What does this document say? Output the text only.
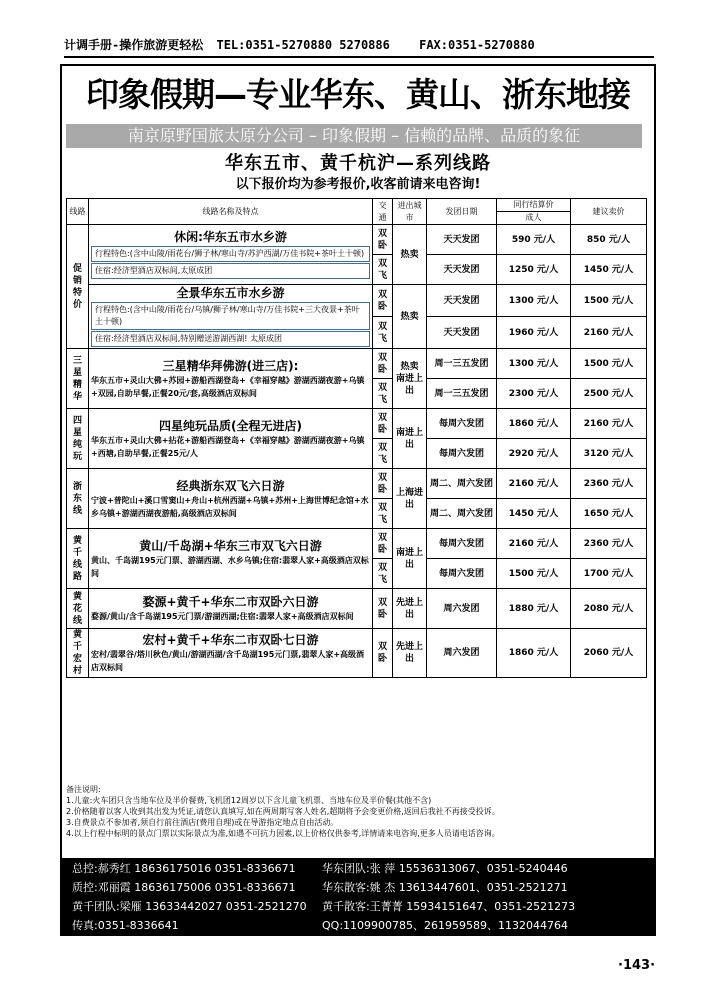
计调手册-操作旅游更轻松 TEL:0351-5270880 5270886 FAX:0351-5270880
印象假期—专业华东、黄山、浙东地接
南京原野国旅太原分公司 – 印象假期 – 信赖的品牌、品质的象征
华东五市、黄千杭沪—系列线路
以下报价均为参考报价,收客前请来电咨询!
线路	线路名称及特点	交通	进出城市	发团日期	同行结算价	建议卖价
					成人	
促销特价	休闲:华东五市水乡游
行程特色:(含中山陵/雨花台/狮子林/寒山寺/苏沪西湖/万佳书院+茶叶土十顿)
住宿:经济型酒店双标间,太原成团	双卧	热卖	天天发团	590 元/人	850 元/人
		双飞		天天发团	1250 元/人	1450 元/人

	全景华东五市水乡游
行程特色:(含中山陵/雨花台/乌镇/狮子林/寒山寺/万佳书院+三大夜景+茶叶土十顿)
住宿:经济型酒店双标间,特别赠送游湖西湖! 太原成团	双卧	热卖	天天发团	1300 元/人	1500 元/人
		双飞		天天发团	1960 元/人	2160 元/人
三星精华	三星精华拜佛游(进三店):
华东五市+灵山大佛+苏园+游船西湖登岛+《幸福穿越》游湖西湖夜游+乌镇+双园,自助早餐,正餐20元/套,高级酒店双标间	双卧	热卖 南进上出	周一三五发团	1300 元/人	1500 元/人
		双飞		周一三五发团	2300 元/人	2500 元/人
四星纯玩	四星纯玩品质(全程无进店)
华东五市+灵山大佛+拈花+游船西湖登岛+《幸福穿越》游湖西湖夜游+乌镇+西塘,自助早餐,正餐25元/人	双卧	南进上出	每周六发团	1860 元/人	2160 元/人
		双飞		每周六发团	2920 元/人	3120 元/人
浙东线	经典浙东双飞六日游
宁波+普陀山+溪口雪窦山+舟山+杭州西湖+乌镇+苏州+上海世博纪念馆+水乡乌镇+游湖西湖夜游船,高级酒店双标间	双卧	上海进出	周二、周六发团	2160 元/人	2360 元/人
		双飞		周二、周六发团	1450 元/人	1650 元/人
黄千线路	黄山/千岛湖+华东三市双飞六日游
黄山、千岛湖195元门票、游湖西湖、水乡乌镇;住宿:翡翠人家+高级酒店双标间	双卧	南进上出	每周六发团	2160 元/人	2360 元/人
		双飞		每周六发团	1500 元/人	1700 元/人
黄花线	婺源+黄千+华东二市双卧六日游
婺源/黄山/含千岛湖195元门票/游湖西湖;住宿:翡翠人家+高级酒店双标间	双卧	先进上出	周六发团	1880 元/人	2080 元/人
黄千宏村	宏村+黄千+华东二市双卧七日游
宏村/翡翠谷/塔川秋色/黄山/游湖西湖/含千岛湖195元门票,翡翠人家+高级酒店双标间	双卧	先进上出	周六发团	1860 元/人	2060 元/人
备注说明:
1.儿童:火车团只含当地车位及半价餐费,飞机团12周岁以下含儿童飞机票、当地车位及半价餐(其他不含)
2.价格随着以客人收到其出发为凭证,请您认真填写,如在两周期写客人姓名,超期将予会变更价格,返回后我社不再接受投诉。
3.自费景点不参加者,须自行前往酒店(费用自理)或在导游指定地点自由活动。
4.以上行程中标明的景点门票以实际景点为准,如遇不可抗力因素,以上价格仅供参考,详情请来电咨询,更多人员请电话咨询。
总控:郝秀红 18636175016 0351-8336671 华东团队:张 萍 15536313067、0351-5240446
质控:邓丽霞 18636175006 0351-8336671 华东散客:姚 杰 13613447601、0351-2521271
黄千团队:梁雁 13633442027 0351-2521270 黄千散客:王菁菁 15934151647、0351-2521273
传真:0351-8336641	QQ:1109900785、261959589、1132044764
·143·
